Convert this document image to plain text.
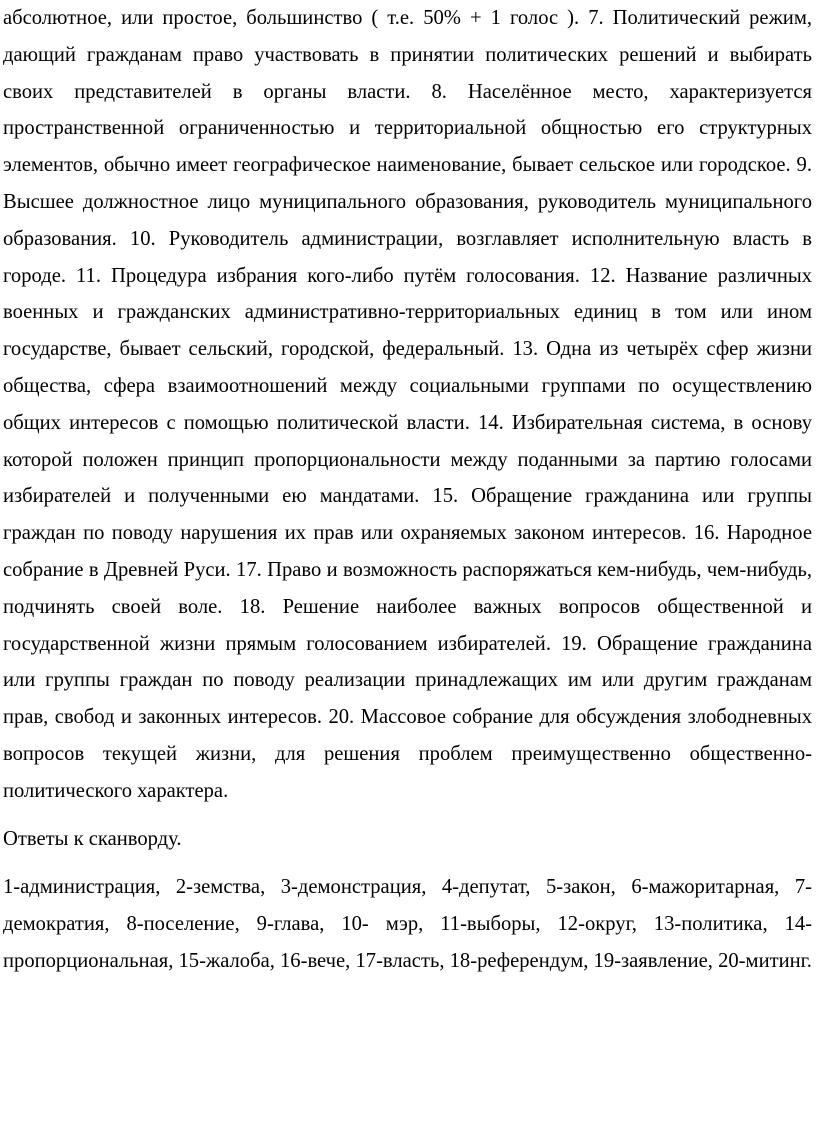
абсолютное, или простое, большинство ( т.е. 50% + 1 голос ). 7. Политический режим, дающий гражданам право участвовать в принятии политических решений и выбирать своих представителей в органы власти. 8. Населённое место, характеризуется пространственной ограниченностью и территориальной общностью его структурных элементов, обычно имеет географическое наименование, бывает сельское или городское. 9. Высшее должностное лицо муниципального образования, руководитель муниципального образования. 10. Руководитель администрации, возглавляет исполнительную власть в городе. 11. Процедура избрания кого-либо путём голосования. 12. Название различных военных и гражданских административно-территориальных единиц в том или ином государстве, бывает сельский, городской, федеральный. 13. Одна из четырёх сфер жизни общества, сфера взаимоотношений между социальными группами по осуществлению общих интересов с помощью политической власти. 14. Избирательная система, в основу которой положен принцип пропорциональности между поданными за партию голосами избирателей и полученными ею мандатами. 15. Обращение гражданина или группы граждан по поводу нарушения их прав или охраняемых законом интересов. 16. Народное собрание в Древней Руси. 17. Право и возможность распоряжаться кем-нибудь, чем-нибудь, подчинять своей воле. 18. Решение наиболее важных вопросов общественной и государственной жизни прямым голосованием избирателей. 19. Обращение гражданина или группы граждан по поводу реализации принадлежащих им или другим гражданам прав, свобод и законных интересов. 20. Массовое собрание для обсуждения злободневных вопросов текущей жизни, для решения проблем преимущественно общественно-политического характера.

Ответы к сканворду.

1-администрация, 2-земства, 3-демонстрация, 4-депутат, 5-закон, 6-мажоритарная, 7-демократия, 8-поселение, 9-глава, 10- мэр, 11-выборы, 12-округ, 13-политика, 14-пропорциональная, 15-жалоба, 16-вече, 17-власть, 18-референдум, 19-заявление, 20-митинг.
